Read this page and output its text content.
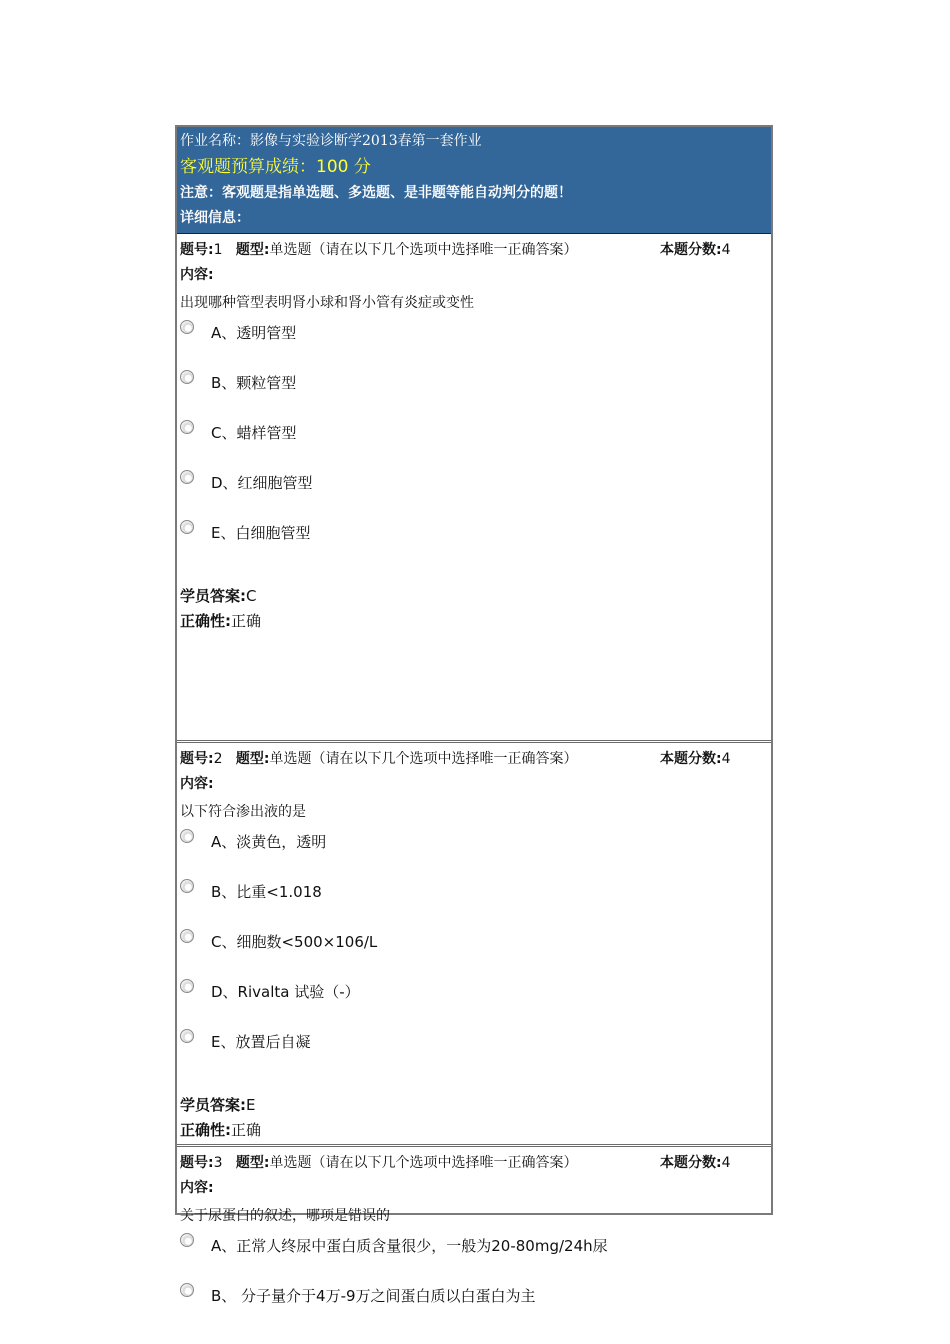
作业名称：影像与实验诊断学2013春第一套作业
客观题预算成绩：100 分
注意：客观题是指单选题、多选题、是非题等能自动判分的题！
详细信息：
题号:1 题型:单选题（请在以下几个选项中选择唯一正确答案）	本题分数:4
内容:
出现哪种管型表明肾小球和肾小管有炎症或变性
A、透明管型
B、颗粒管型
C、蜡样管型
D、红细胞管型
E、白细胞管型
学员答案:C
正确性:正确
题号:2 题型:单选题（请在以下几个选项中选择唯一正确答案）	本题分数:4
内容:
以下符合渗出液的是
A、淡黄色，透明
B、比重<1.018
C、细胞数<500×106/L
D、Rivalta 试验（-）
E、放置后自凝
学员答案:E
正确性:正确
题号:3 题型:单选题（请在以下几个选项中选择唯一正确答案）	本题分数:4
内容:
关于尿蛋白的叙述，哪项是错误的
A、正常人终尿中蛋白质含量很少，一般为20-80mg/24h尿
B、 分子量介于4万-9万之间蛋白质以白蛋白为主
